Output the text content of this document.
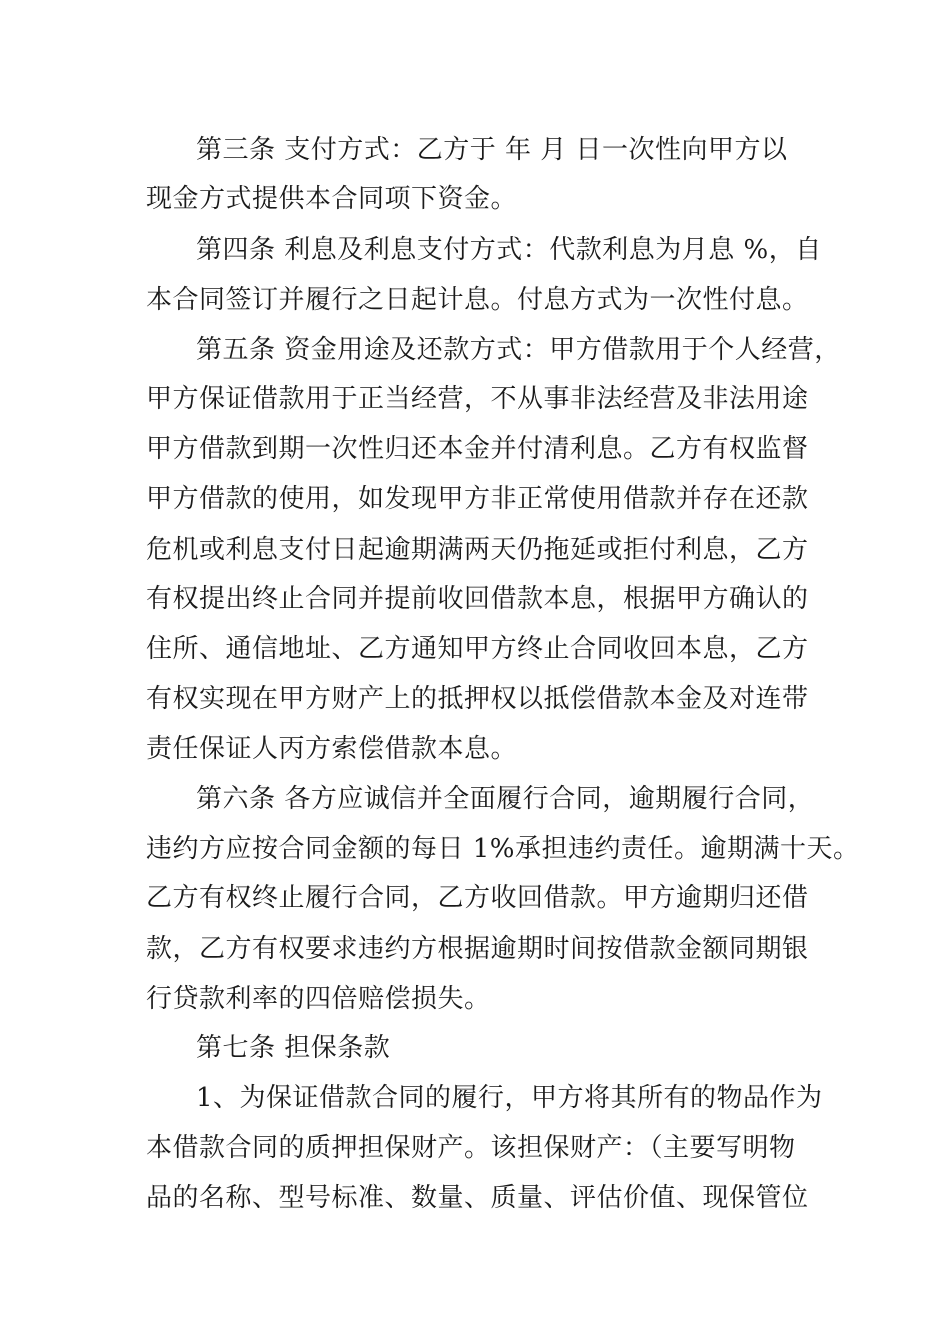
第三条 支付方式：乙方于 年 月 日一次性向甲方以
现金方式提供本合同项下资金。
第四条 利息及利息支付方式：代款利息为月息 %，自
本合同签订并履行之日起计息。付息方式为一次性付息。
第五条 资金用途及还款方式：甲方借款用于个人经营，
甲方保证借款用于正当经营，不从事非法经营及非法用途
甲方借款到期一次性归还本金并付清利息。乙方有权监督
甲方借款的使用，如发现甲方非正常使用借款并存在还款
危机或利息支付日起逾期满两天仍拖延或拒付利息，乙方
有权提出终止合同并提前收回借款本息，根据甲方确认的
住所、通信地址、乙方通知甲方终止合同收回本息，乙方
有权实现在甲方财产上的抵押权以抵偿借款本金及对连带
责任保证人丙方索偿借款本息。
第六条 各方应诚信并全面履行合同，逾期履行合同，
违约方应按合同金额的每日 1%承担违约责任。逾期满十天。
乙方有权终止履行合同，乙方收回借款。甲方逾期归还借
款，乙方有权要求违约方根据逾期时间按借款金额同期银
行贷款利率的四倍赔偿损失。
第七条 担保条款
1、为保证借款合同的履行，甲方将其所有的物品作为
本借款合同的质押担保财产。该担保财产：（主要写明物
品的名称、型号标准、数量、质量、评估价值、现保管位
